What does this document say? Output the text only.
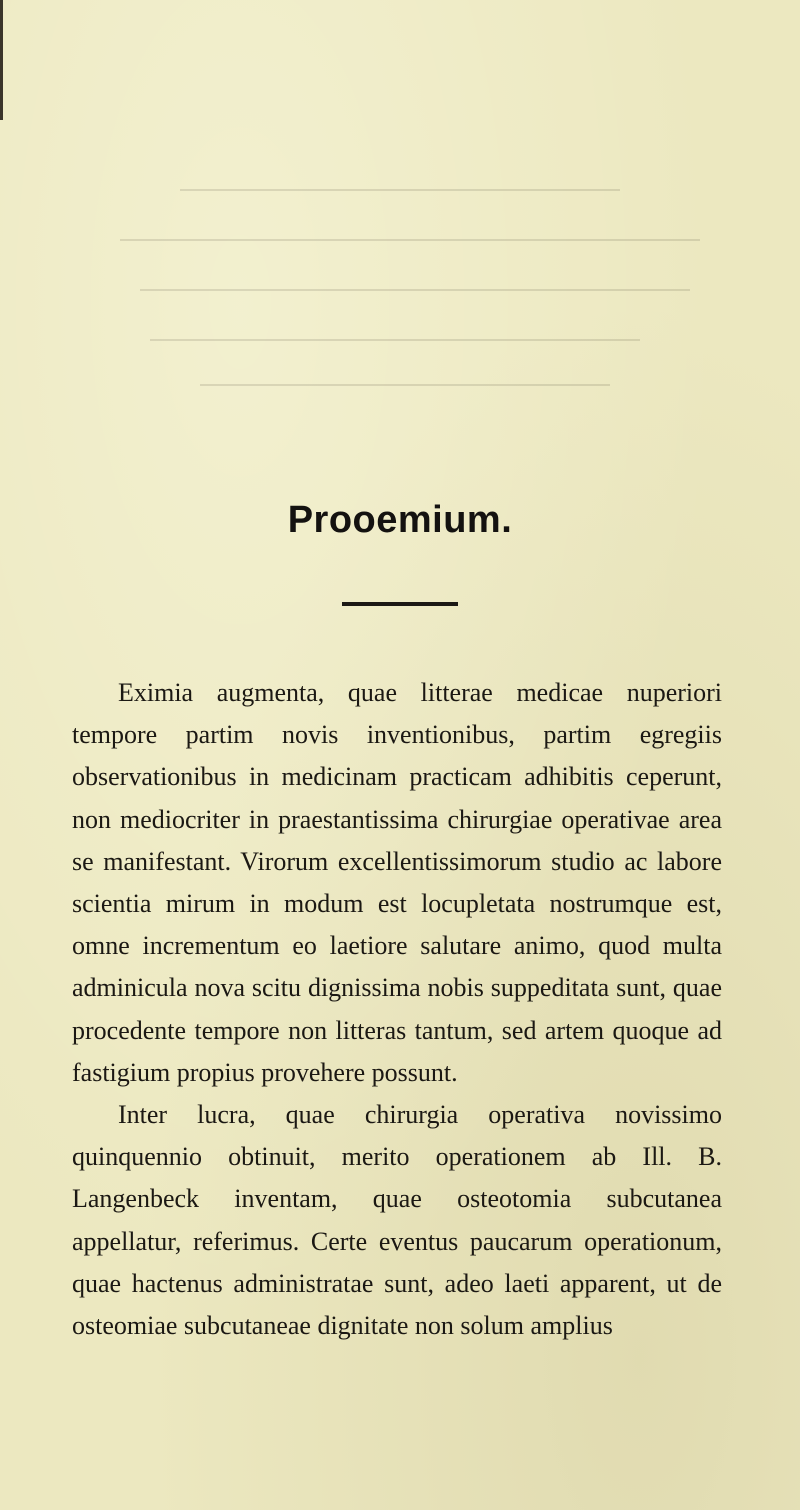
Prooemium.

Eximia augmenta, quae litterae medicae nuperiori tempore partim novis inventionibus, partim egregiis observationibus in medicinam practicam adhibitis ceperunt, non mediocriter in praestantissima chirurgiae operativae area se manifestant. Virorum excellentissimorum studio ac labore scientia mirum in modum est locupletata nostrumque est, omne incrementum eo laetiore salutare animo, quod multa adminicula nova scitu dignissima nobis suppeditata sunt, quae procedente tempore non litteras tantum, sed artem quoque ad fastigium propius provehere possunt.

Inter lucra, quae chirurgia operativa novissimo quinquennio obtinuit, merito operationem ab Ill. B. Langenbeck inventam, quae osteotomia subcutanea appellatur, referimus. Certe eventus paucarum operationum, quae hactenus administratae sunt, adeo laeti apparent, ut de osteomiae subcutaneae dignitate non solum amplius
